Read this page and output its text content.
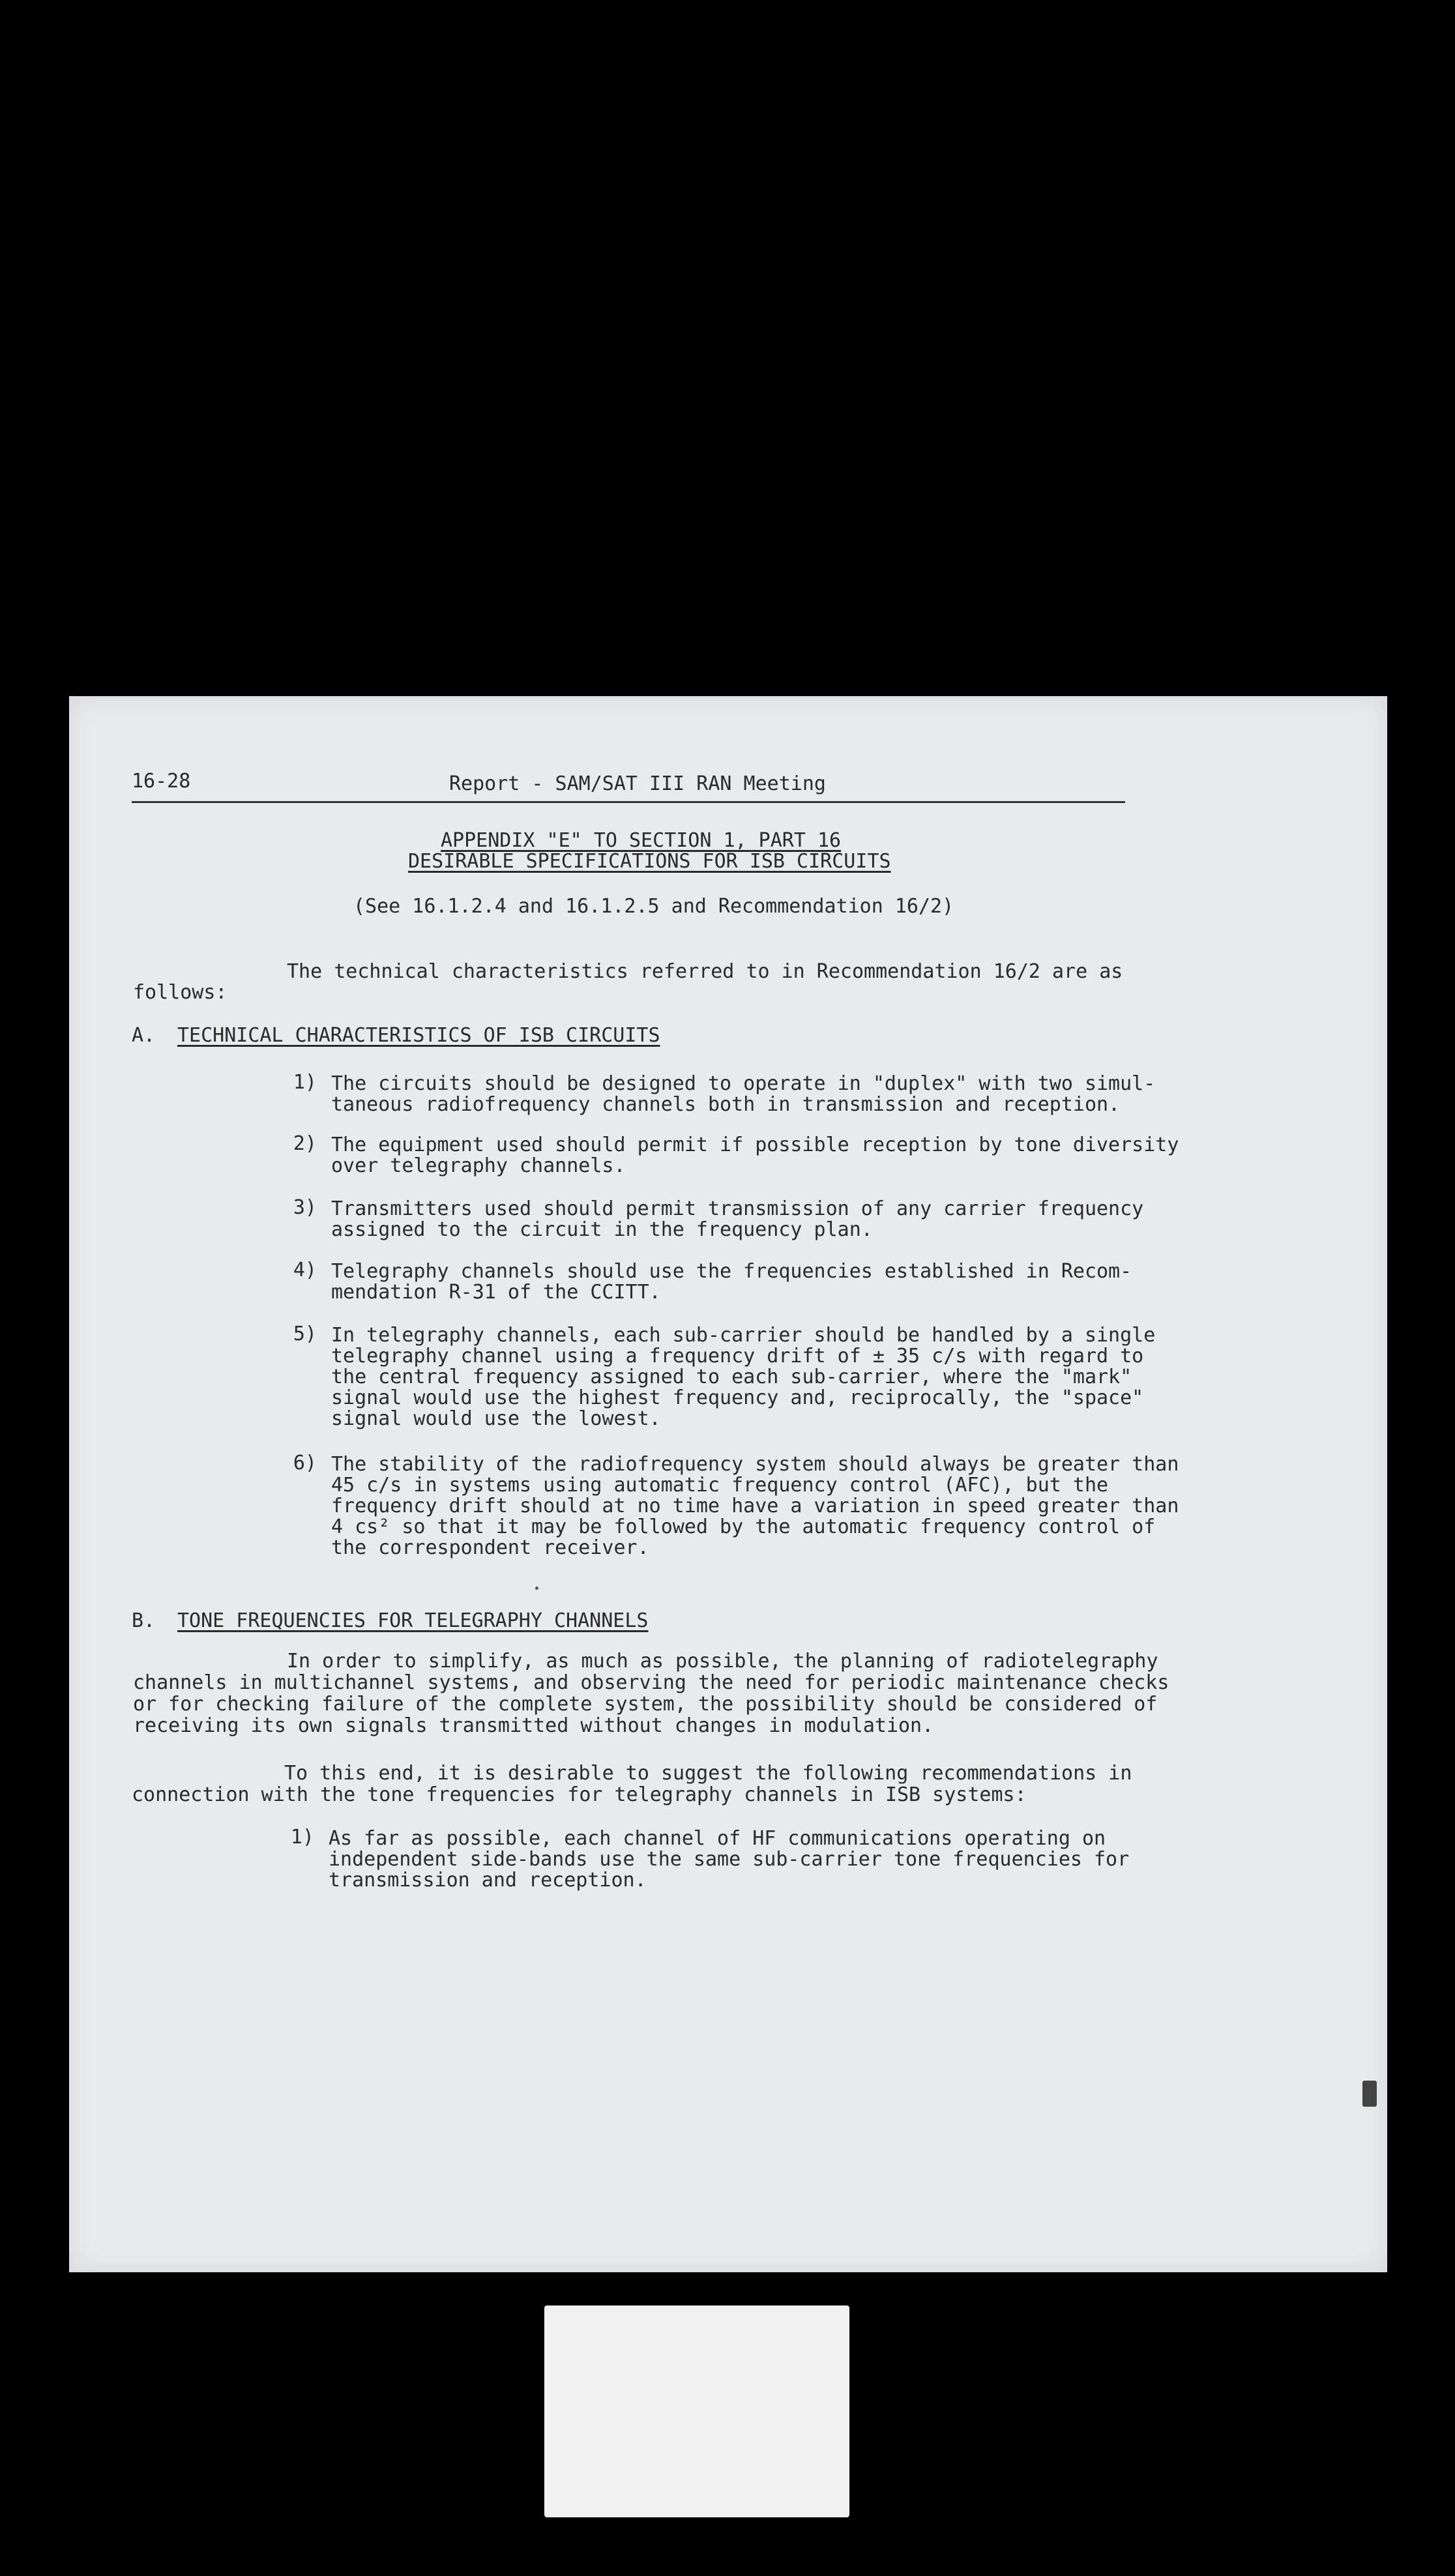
16-28	Report - SAM/SAT III RAN Meeting
APPENDIX "E" TO SECTION 1, PART 16
DESIRABLE SPECIFICATIONS FOR ISB CIRCUITS
(See 16.1.2.4 and 16.1.2.5 and Recommendation 16/2)
The technical characteristics referred to in Recommendation 16/2 are as
follows:
A. TECHNICAL CHARACTERISTICS OF ISB CIRCUITS
1) The circuits should be designed to operate in "duplex" with two simul-
taneous radiofrequency channels both in transmission and reception.
2) The equipment used should permit if possible reception by tone diversity
over telegraphy channels.
3) Transmitters used should permit transmission of any carrier frequency
assigned to the circuit in the frequency plan.
4) Telegraphy channels should use the frequencies established in Recom-
mendation R-31 of the CCITT.
5) In telegraphy channels, each sub-carrier should be handled by a single
telegraphy channel using a frequency drift of ± 35 c/s with regard to
the central frequency assigned to each sub-carrier, where the "mark"
signal would use the highest frequency and, reciprocally, the "space"
signal would use the lowest.
6) The stability of the radiofrequency system should always be greater than
45 c/s in systems using automatic frequency control (AFC), but the
frequency drift should at no time have a variation in speed greater than
4 cs² so that it may be followed by the automatic frequency control of
the correspondent receiver.
B. TONE FREQUENCIES FOR TELEGRAPHY CHANNELS
In order to simplify, as much as possible, the planning of radiotelegraphy
channels in multichannel systems, and observing the need for periodic maintenance checks
or for checking failure of the complete system, the possibility should be considered of
receiving its own signals transmitted without changes in modulation.
To this end, it is desirable to suggest the following recommendations in
connection with the tone frequencies for telegraphy channels in ISB systems:
1) As far as possible, each channel of HF communications operating on
independent side-bands use the same sub-carrier tone frequencies for
transmission and reception.
